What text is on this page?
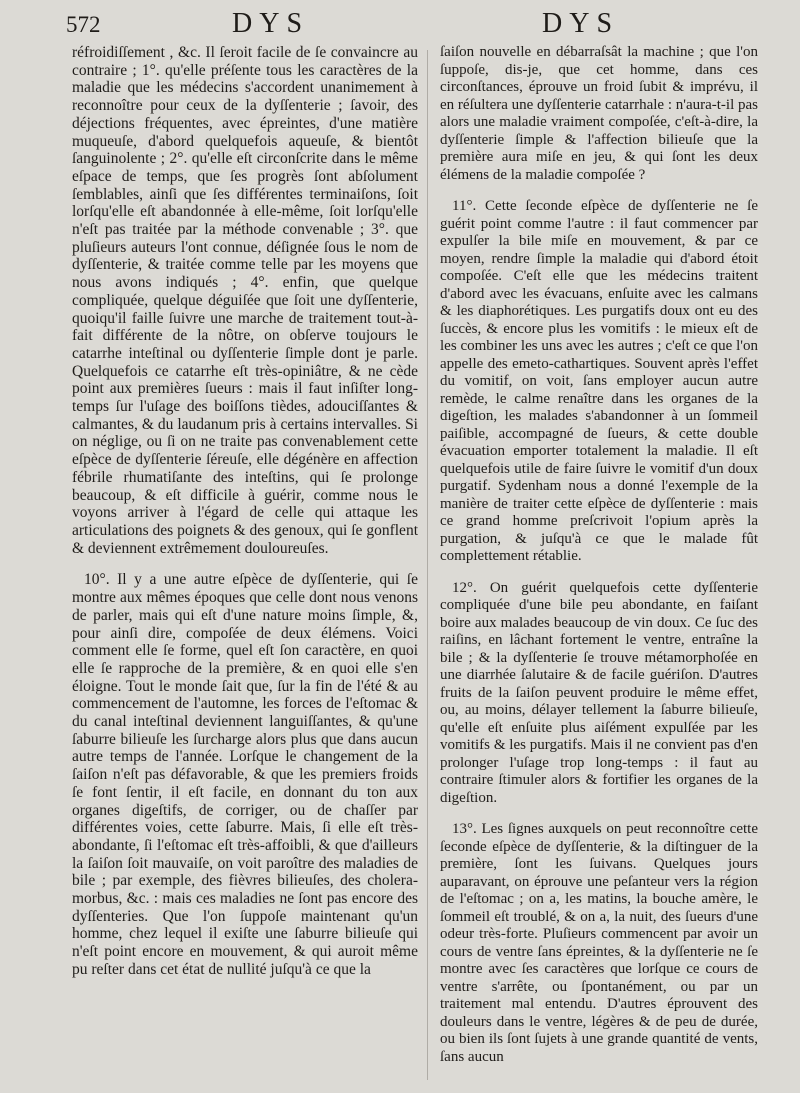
572	DYS	DYS

réfroidiſſement , &c. Il ſeroit facile de ſe convaincre au contraire ; 1°. qu'elle préſente tous les caractères de la maladie que les médecins s'accordent unanimement à reconnoître pour ceux de la dyſſenterie ; ſavoir, des déjections fréquentes, avec épreintes, d'une matière muqueuſe, d'abord quelquefois aqueuſe, & bientôt ſanguinolente ; 2°. qu'elle eſt circonſcrite dans le même eſpace de temps, que ſes progrès ſont abſolument ſemblables, ainſi que ſes différentes terminaiſons, ſoit lorſqu'elle eſt abandonnée à elle-même, ſoit lorſqu'elle n'eſt pas traitée par la méthode convenable ; 3°. que pluſieurs auteurs l'ont connue, déſignée ſous le nom de dyſſenterie, & traitée comme telle par les moyens que nous avons indiqués ; 4°. enfin, que quelque compliquée, quelque déguiſée que ſoit une dyſſenterie, quoiqu'il faille ſuivre une marche de traitement tout-à-fait différente de la nôtre, on obſerve toujours le catarrhe inteſtinal ou dyſſenterie ſimple dont je parle. Quelquefois ce catarrhe eſt très-opiniâtre, & ne cède point aux premières ſueurs : mais il faut inſiſter long-temps ſur l'uſage des boiſſons tièdes, adouciſſantes & calmantes, & du laudanum pris à certains intervalles. Si on néglige, ou ſi on ne traite pas convenablement cette eſpèce de dyſſenterie ſéreuſe, elle dégénère en affection fébrile rhumatiſante des inteſtins, qui ſe prolonge beaucoup, & eſt difficile à guérir, comme nous le voyons arriver à l'égard de celle qui attaque les articulations des poignets & des genoux, qui ſe gonflent & deviennent extrêmement douloureuſes.

10°. Il y a une autre eſpèce de dyſſenterie, qui ſe montre aux mêmes époques que celle dont nous venons de parler, mais qui eſt d'une nature moins ſimple, &, pour ainſi dire, compoſée de deux élémens. Voici comment elle ſe forme, quel eſt ſon caractère, en quoi elle ſe rapproche de la première, & en quoi elle s'en éloigne. Tout le monde ſait que, ſur la fin de l'été & au commencement de l'automne, les forces de l'eſtomac & du canal inteſtinal deviennent languiſſantes, & qu'une ſaburre bilieuſe les ſurcharge alors plus que dans aucun autre temps de l'année. Lorſque le changement de la ſaiſon n'eſt pas défavorable, & que les premiers froids ſe font ſentir, il eſt facile, en donnant du ton aux organes digeſtifs, de corriger, ou de chaſſer par différentes voies, cette ſaburre. Mais, ſi elle eſt très-abondante, ſi l'eſtomac eſt très-affoibli, & que d'ailleurs la ſaiſon ſoit mauvaiſe, on voit paroître des maladies de bile ; par exemple, des fièvres bilieuſes, des cholera-morbus, &c. : mais ces maladies ne ſont pas encore des dyſſenteries. Que l'on ſuppoſe maintenant qu'un homme, chez lequel il exiſte une ſaburre bilieuſe qui n'eſt point encore en mouvement, & qui auroit même pu reſter dans cet état de nullité juſqu'à ce que la

ſaiſon nouvelle en débarraſsât la machine ; que l'on ſuppoſe, dis-je, que cet homme, dans ces circonſtances, éprouve un froid ſubit & imprévu, il en réſultera une dyſſenterie catarrhale : n'aura-t-il pas alors une maladie vraiment compoſée, c'eſt-à-dire, la dyſſenterie ſimple & l'affection bilieuſe que la première aura miſe en jeu, & qui ſont les deux élémens de la maladie compoſée ?

11°. Cette ſeconde eſpèce de dyſſenterie ne ſe guérit point comme l'autre : il faut commencer par expulſer la bile miſe en mouvement, & par ce moyen, rendre ſimple la maladie qui d'abord étoit compoſée. C'eſt elle que les médecins traitent d'abord avec les évacuans, enſuite avec les calmans & les diaphorétiques. Les purgatifs doux ont eu des ſuccès, & encore plus les vomitifs : le mieux eſt de les combiner les uns avec les autres ; c'eſt ce que l'on appelle des emeto-cathartiques. Souvent après l'effet du vomitif, on voit, ſans employer aucun autre remède, le calme renaître dans les organes de la digeſtion, les malades s'abandonner à un ſommeil paiſible, accompagné de ſueurs, & cette double évacuation emporter totalement la maladie. Il eſt quelquefois utile de faire ſuivre le vomitif d'un doux purgatif. Sydenham nous a donné l'exemple de la manière de traiter cette eſpèce de dyſſenterie : mais ce grand homme preſcrivoit l'opium après la purgation, & juſqu'à ce que le malade fût complettement rétablie.

12°. On guérit quelquefois cette dyſſenterie compliquée d'une bile peu abondante, en faiſant boire aux malades beaucoup de vin doux. Ce ſuc des raiſins, en lâchant fortement le ventre, entraîne la bile ; & la dyſſenterie ſe trouve métamorphoſée en une diarrhée ſalutaire & de facile guériſon. D'autres fruits de la ſaiſon peuvent produire le même effet, ou, au moins, délayer tellement la ſaburre bilieuſe, qu'elle eſt enſuite plus aiſément expulſée par les vomitifs & les purgatifs. Mais il ne convient pas d'en prolonger l'uſage trop long-temps : il faut au contraire ſtimuler alors & fortifier les organes de la digeſtion.

13°. Les ſignes auxquels on peut reconnoître cette ſeconde eſpèce de dyſſenterie, & la diſtinguer de la première, ſont les ſuivans. Quelques jours auparavant, on éprouve une peſanteur vers la région de l'eſtomac ; on a, les matins, la bouche amère, le ſommeil eſt troublé, & on a, la nuit, des ſueurs d'une odeur très-forte. Pluſieurs commencent par avoir un cours de ventre ſans épreintes, & la dyſſenterie ne ſe montre avec ſes caractères que lorſque ce cours de ventre s'arrête, ou ſpontanément, ou par un traitement mal entendu. D'autres éprouvent des douleurs dans le ventre, légères & de peu de durée, ou bien ils ſont ſujets à une grande quantité de vents, ſans aucun
